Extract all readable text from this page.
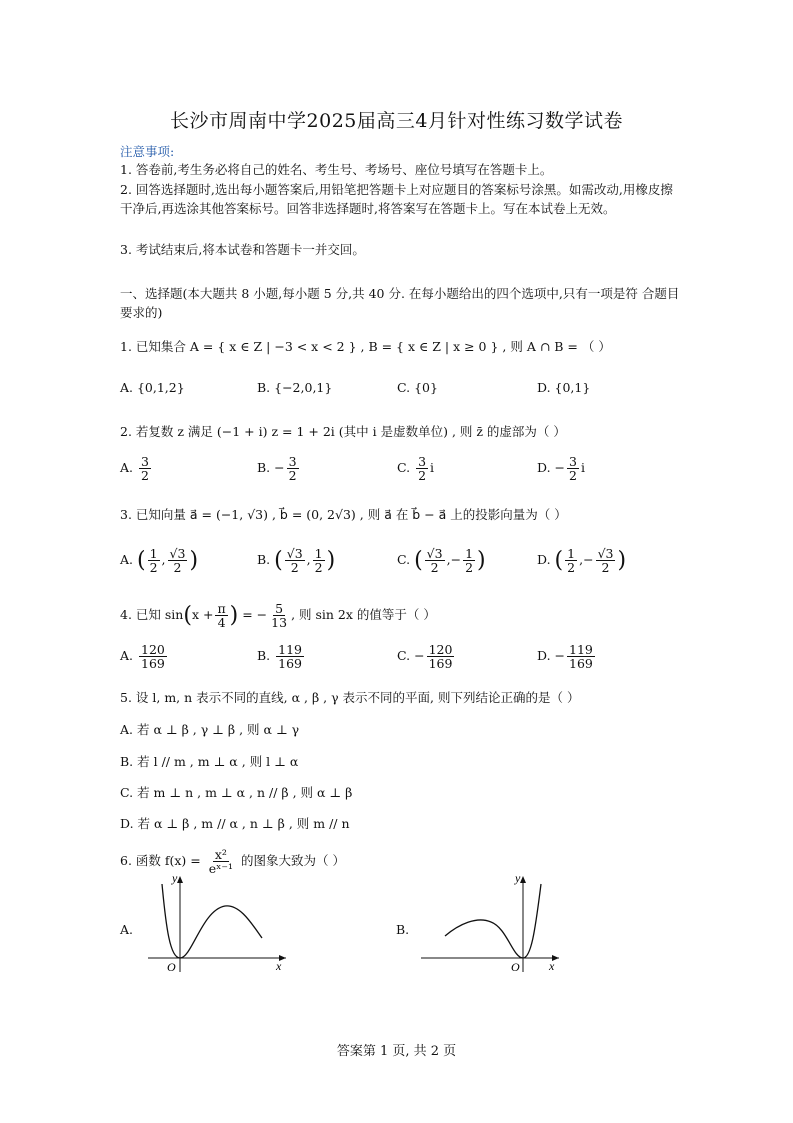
长沙市周南中学2025届高三4月针对性练习数学试卷
注意事项:
1. 答卷前,考生务必将自己的姓名、考生号、考场号、座位号填写在答题卡上。
2. 回答选择题时,选出每小题答案后,用铅笔把答题卡上对应题目的答案标号涂黑。如需改动,用橡皮擦干净后,再选涂其他答案标号。回答非选择题时,将答案写在答题卡上。写在本试卷上无效。
3. 考试结束后,将本试卷和答题卡一并交回。
一、选择题(本大题共 8 小题,每小题 5 分,共 40 分. 在每小题给出的四个选项中,只有一项是符 合题目要求的)
1. 已知集合 A = { x ∈ Z | −3 < x < 2 } , B = { x ∈ Z | x ≥ 0 } , 则 A ∩ B = （ ）
A. {0,1,2}	B. {−2,0,1}	C. {0}	D. {0,1}
2. 若复数 z 满足 (−1 + i) z = 1 + 2i (其中 i 是虚数单位) , 则 z̄ 的虚部为（ ）
A. $\frac{3}{2}$	B. − $\frac{3}{2}$	C. $\frac{3}{2}$ i	D. − $\frac{3}{2}$ i
3. 已知向量 a⃗ = (−1, √3) , b⃗ = (0, 2√3) , 则 a⃗ 在 b⃗ − a⃗ 上的投影向量为（ ）
A. ( $\frac{1}{2}$ , $\frac{√3}{2}$ )	B. ( $\frac{√3}{2}$ , $\frac{1}{2}$ )	C. ( $\frac{√3}{2}$ ,− $\frac{1}{2}$ )	D. ( $\frac{1}{2}$ ,− $\frac{√3}{2}$ )
4. 已知 $\sin(x + \frac{\pi}{4}$ ) = − $\frac{5}{13}$ , 则 sin 2x 的值等于（ ）
A. $\frac{120}{169}$	B. $\frac{119}{169}$	C. − $\frac{120}{169}$	D. − $\frac{119}{169}$
5. 设 l, m, n 表示不同的直线, α , β , γ 表示不同的平面, 则下列结论正确的是（ ）
A. 若 α ⊥ β , γ ⊥ β , 则 α ⊥ γ
B. 若 l // m , m ⊥ α , 则 l ⊥ α
C. 若 m ⊥ n , m ⊥ α , n // β , 则 α ⊥ β
D. 若 α ⊥ β , m // α , n ⊥ β , 则 m // n
6. 函数 $f(x) = \frac{\text{x²}}{\text{eˣ⁻¹}}$ 的图象大致为（ ）
A.	B.
y
x
O
y
x
O
答案第 1 页, 共 2 页
